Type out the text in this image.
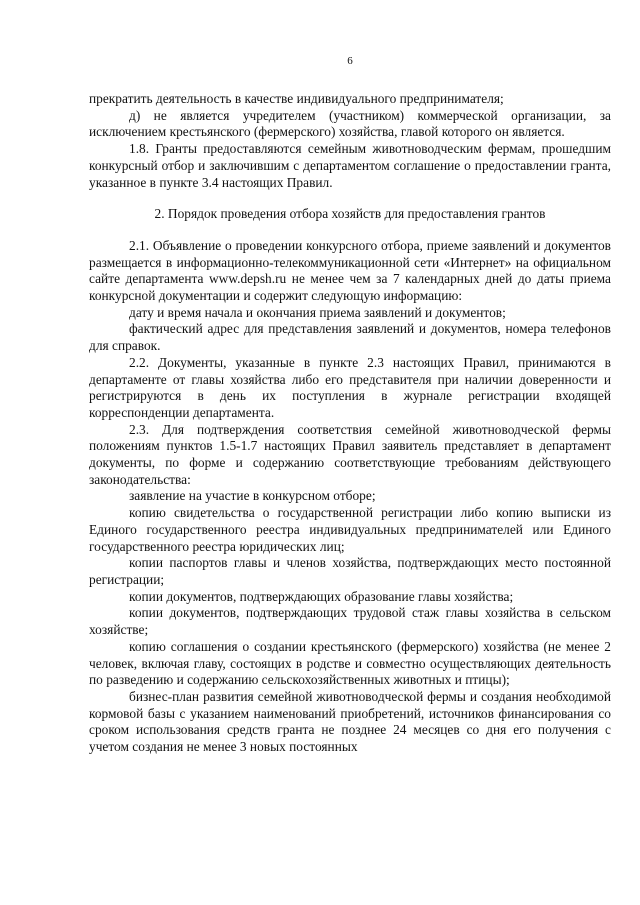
6

прекратить деятельность в качестве индивидуального предпринимателя;

д) не является учредителем (участником) коммерческой организации, за исключением крестьянского (фермерского) хозяйства, главой которого он является.

1.8. Гранты предоставляются семейным животноводческим фермам, прошедшим конкурсный отбор и заключившим с департаментом соглашение о предоставлении гранта, указанное в пункте 3.4 настоящих Правил.

2. Порядок проведения отбора хозяйств для предоставления грантов

2.1. Объявление о проведении конкурсного отбора, приеме заявлений и документов размещается в информационно-телекоммуникационной сети «Интернет» на официальном сайте департамента www.depsh.ru не менее чем за 7 календарных дней до даты приема конкурсной документации и содержит следующую информацию:

дату и время начала и окончания приема заявлений и документов;

фактический адрес для представления заявлений и документов, номера телефонов для справок.

2.2. Документы, указанные в пункте 2.3 настоящих Правил, принимаются в департаменте от главы хозяйства либо его представителя при наличии доверенности и регистрируются в день их поступления в журнале регистрации входящей корреспонденции департамента.

2.3. Для подтверждения соответствия семейной животноводческой фермы положениям пунктов 1.5-1.7 настоящих Правил заявитель представляет в департамент документы, по форме и содержанию соответствующие требованиям действующего законодательства:

заявление на участие в конкурсном отборе;

копию свидетельства о государственной регистрации либо копию выписки из Единого государственного реестра индивидуальных предпринимателей или Единого государственного реестра юридических лиц;

копии паспортов главы и членов хозяйства, подтверждающих место постоянной регистрации;

копии документов, подтверждающих образование главы хозяйства;

копии документов, подтверждающих трудовой стаж главы хозяйства в сельском хозяйстве;

копию соглашения о создании крестьянского (фермерского) хозяйства (не менее 2 человек, включая главу, состоящих в родстве и совместно осуществляющих деятельность по разведению и содержанию сельскохозяйственных животных и птицы);

бизнес-план развития семейной животноводческой фермы и создания необходимой кормовой базы с указанием наименований приобретений, источников финансирования со сроком использования средств гранта не позднее 24 месяцев со дня его получения с учетом создания не менее 3 новых постоянных
